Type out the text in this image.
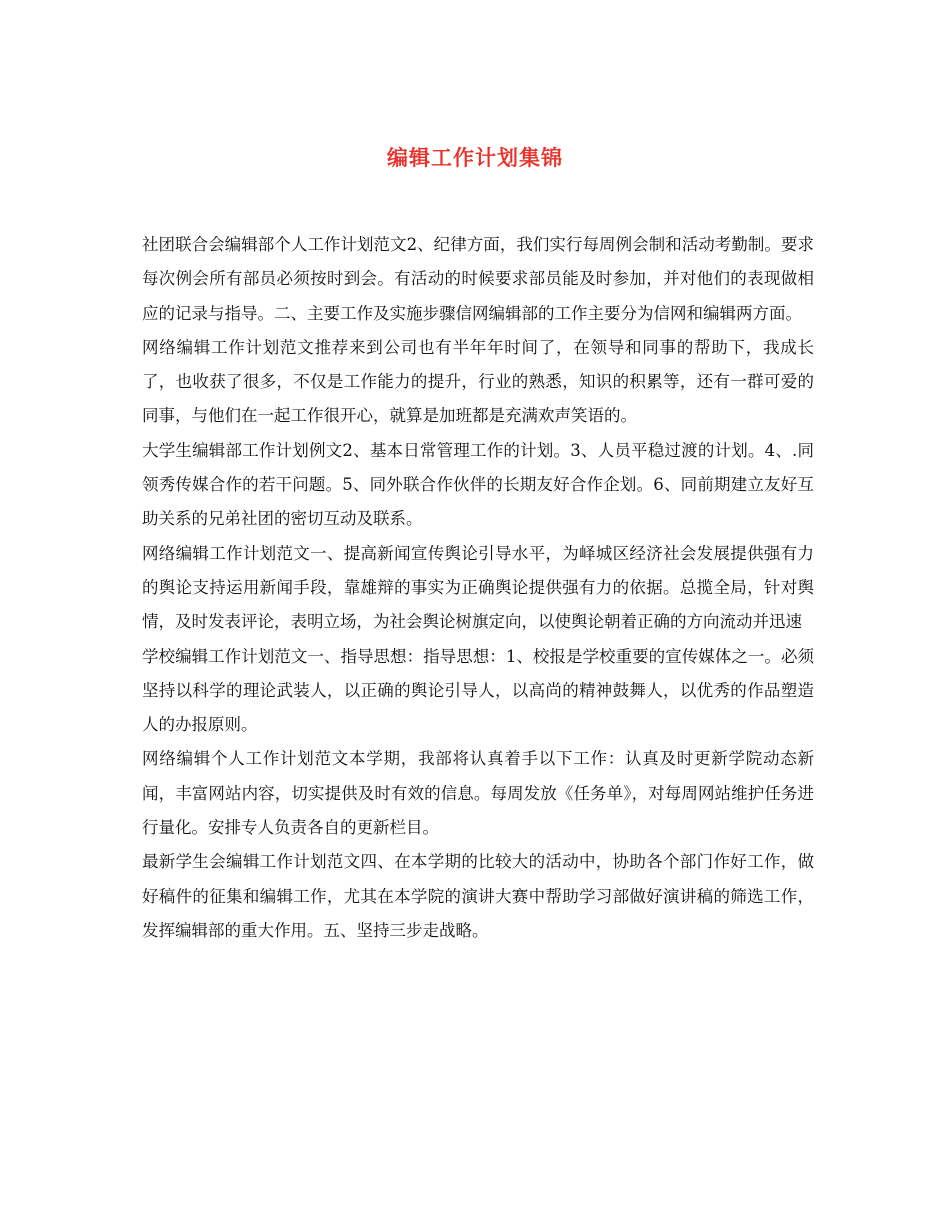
编辑工作计划集锦

社团联合会编辑部个人工作计划范文2、纪律方面，我们实行每周例会制和活动考勤制。要求每次例会所有部员必须按时到会。有活动的时候要求部员能及时参加，并对他们的表现做相应的记录与指导。二、主要工作及实施步骤信网编辑部的工作主要分为信网和编辑两方面。

网络编辑工作计划范文推荐来到公司也有半年年时间了，在领导和同事的帮助下，我成长了，也收获了很多，不仅是工作能力的提升，行业的熟悉，知识的积累等，还有一群可爱的同事，与他们在一起工作很开心，就算是加班都是充满欢声笑语的。

大学生编辑部工作计划例文2、基本日常管理工作的计划。3、人员平稳过渡的计划。4、.同领秀传媒合作的若干问题。5、同外联合作伙伴的长期友好合作企划。6、同前期建立友好互助关系的兄弟社团的密切互动及联系。

网络编辑工作计划范文一、提高新闻宣传舆论引导水平，为峄城区经济社会发展提供强有力的舆论支持运用新闻手段，靠雄辩的事实为正确舆论提供强有力的依据。总揽全局，针对舆情，及时发表评论，表明立场，为社会舆论树旗定向，以使舆论朝着正确的方向流动并迅速

学校编辑工作计划范文一、指导思想：指导思想：1、校报是学校重要的宣传媒体之一。必须坚持以科学的理论武装人，以正确的舆论引导人，以高尚的精神鼓舞人，以优秀的作品塑造人的办报原则。

网络编辑个人工作计划范文本学期，我部将认真着手以下工作：认真及时更新学院动态新闻，丰富网站内容，切实提供及时有效的信息。每周发放《任务单》，对每周网站维护任务进行量化。安排专人负责各自的更新栏目。

最新学生会编辑工作计划范文四、在本学期的比较大的活动中，协助各个部门作好工作，做好稿件的征集和编辑工作，尤其在本学院的演讲大赛中帮助学习部做好演讲稿的筛选工作，发挥编辑部的重大作用。五、坚持三步走战略。
